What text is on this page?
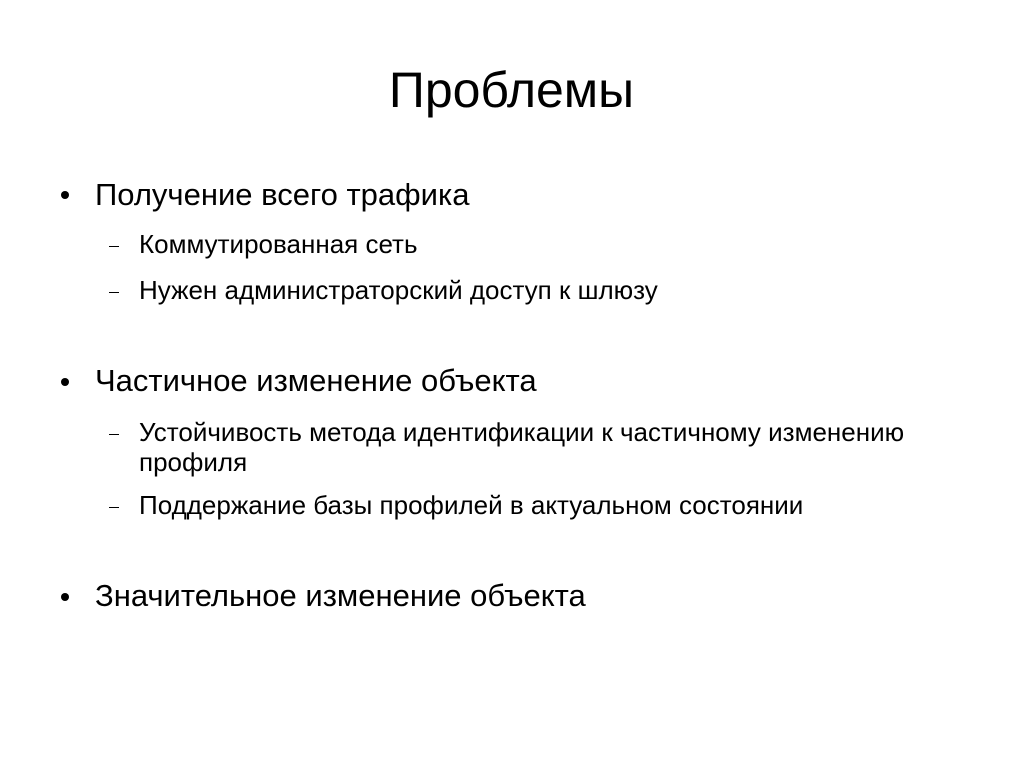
Проблемы
Получение всего трафика
Коммутированная сеть
Нужен администраторский доступ к шлюзу
Частичное изменение объекта
Устойчивость метода идентификации к частичному изменению профиля
Поддержание базы профилей в актуальном состоянии
Значительное изменение объекта
